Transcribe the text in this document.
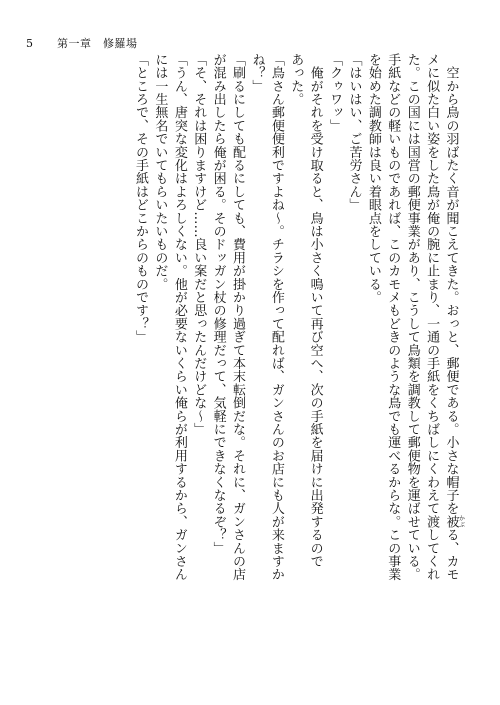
5 第一章　修羅場
　空から鳥の羽ばたく音が聞こえてきた。おっと、郵便である。小さな帽子を被 かぶる、カモ
メに似た白い姿をした鳥が俺の腕に止まり、一通の手紙をくちばしにくわえて渡してくれ
た。この国には国営の郵便事業があり、こうして鳥類を調教して郵便物を運ばせている。
手紙などの軽いものであれば、このカモメもどきのような鳥でも運べるからな。この事業
を始めた調教師は良い着眼点をしている。
「はいはい、ご苦労さん」
「クゥワッ」
　俺がそれを受け取ると、鳥は小さく鳴いて再び空へ、次の手紙を届けに出発するので
あった。
「鳥さん郵便便利ですよね～。チラシを作って配れば、ガンさんのお店にも人が来ますか
ね？」
「刷るにしても配るにしても、費用が掛かり過ぎて本末転倒だな。それに、ガンさんの店
が混み出したら俺が困る。そのドッガン杖の修理だって、気軽にできなくなるぞ？」
「そ、それは困りますけど……良い案だと思ったんだけどな～」
「うん、唐突な変化はよろしくない。他が必要ないくらい俺らが利用するから、ガンさん
には一生無名でいてもらいたいものだ。
「ところで、その手紙はどこからのものです？」
